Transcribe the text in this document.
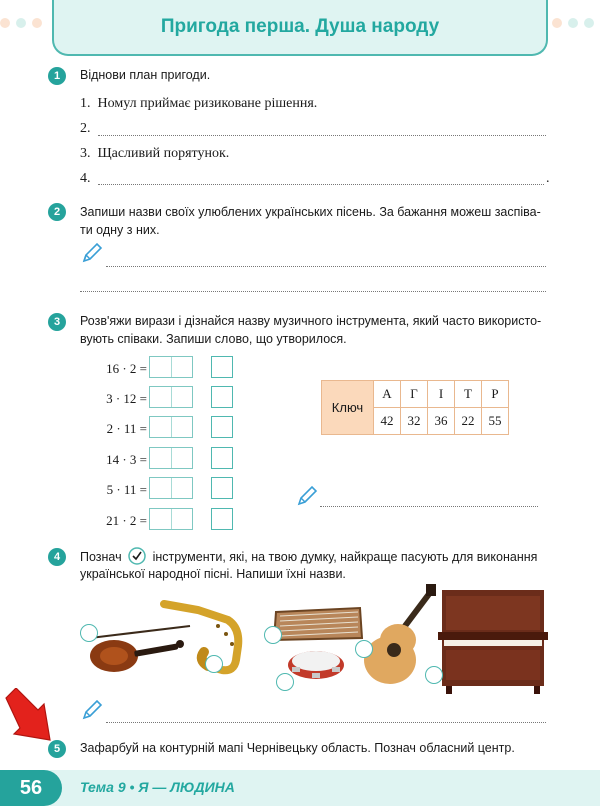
Пригода перша. Душа народу
1	Віднови план пригоди.
1. Номул приймає ризиковане рішення.
2.
3. Щасливий порятунок.
4.	.
2	Запиши назви своїх улюблених українських пісень. За бажання можеш заспіва-
ти одну з них.
3	Розв'яжи вирази і дізнайся назву музичного інструмента, який часто використо-
вують співаки. Запиши слово, що утворилося.
16 · 2 =
3 · 12 =
2 · 11 =
14 · 3 =
5 · 11 =
21 · 2 =
Ключ	А	Г	І	Т	Р
	42	32	36	22	55
4	Познач інструменти, які, на твою думку, найкраще пасують для виконання
української народної пісні. Напиши їхні назви.
5	Зафарбуй на контурній мапі Чернівецьку область. Познач обласний центр.
56	Тема 9 • Я — ЛЮДИНА
